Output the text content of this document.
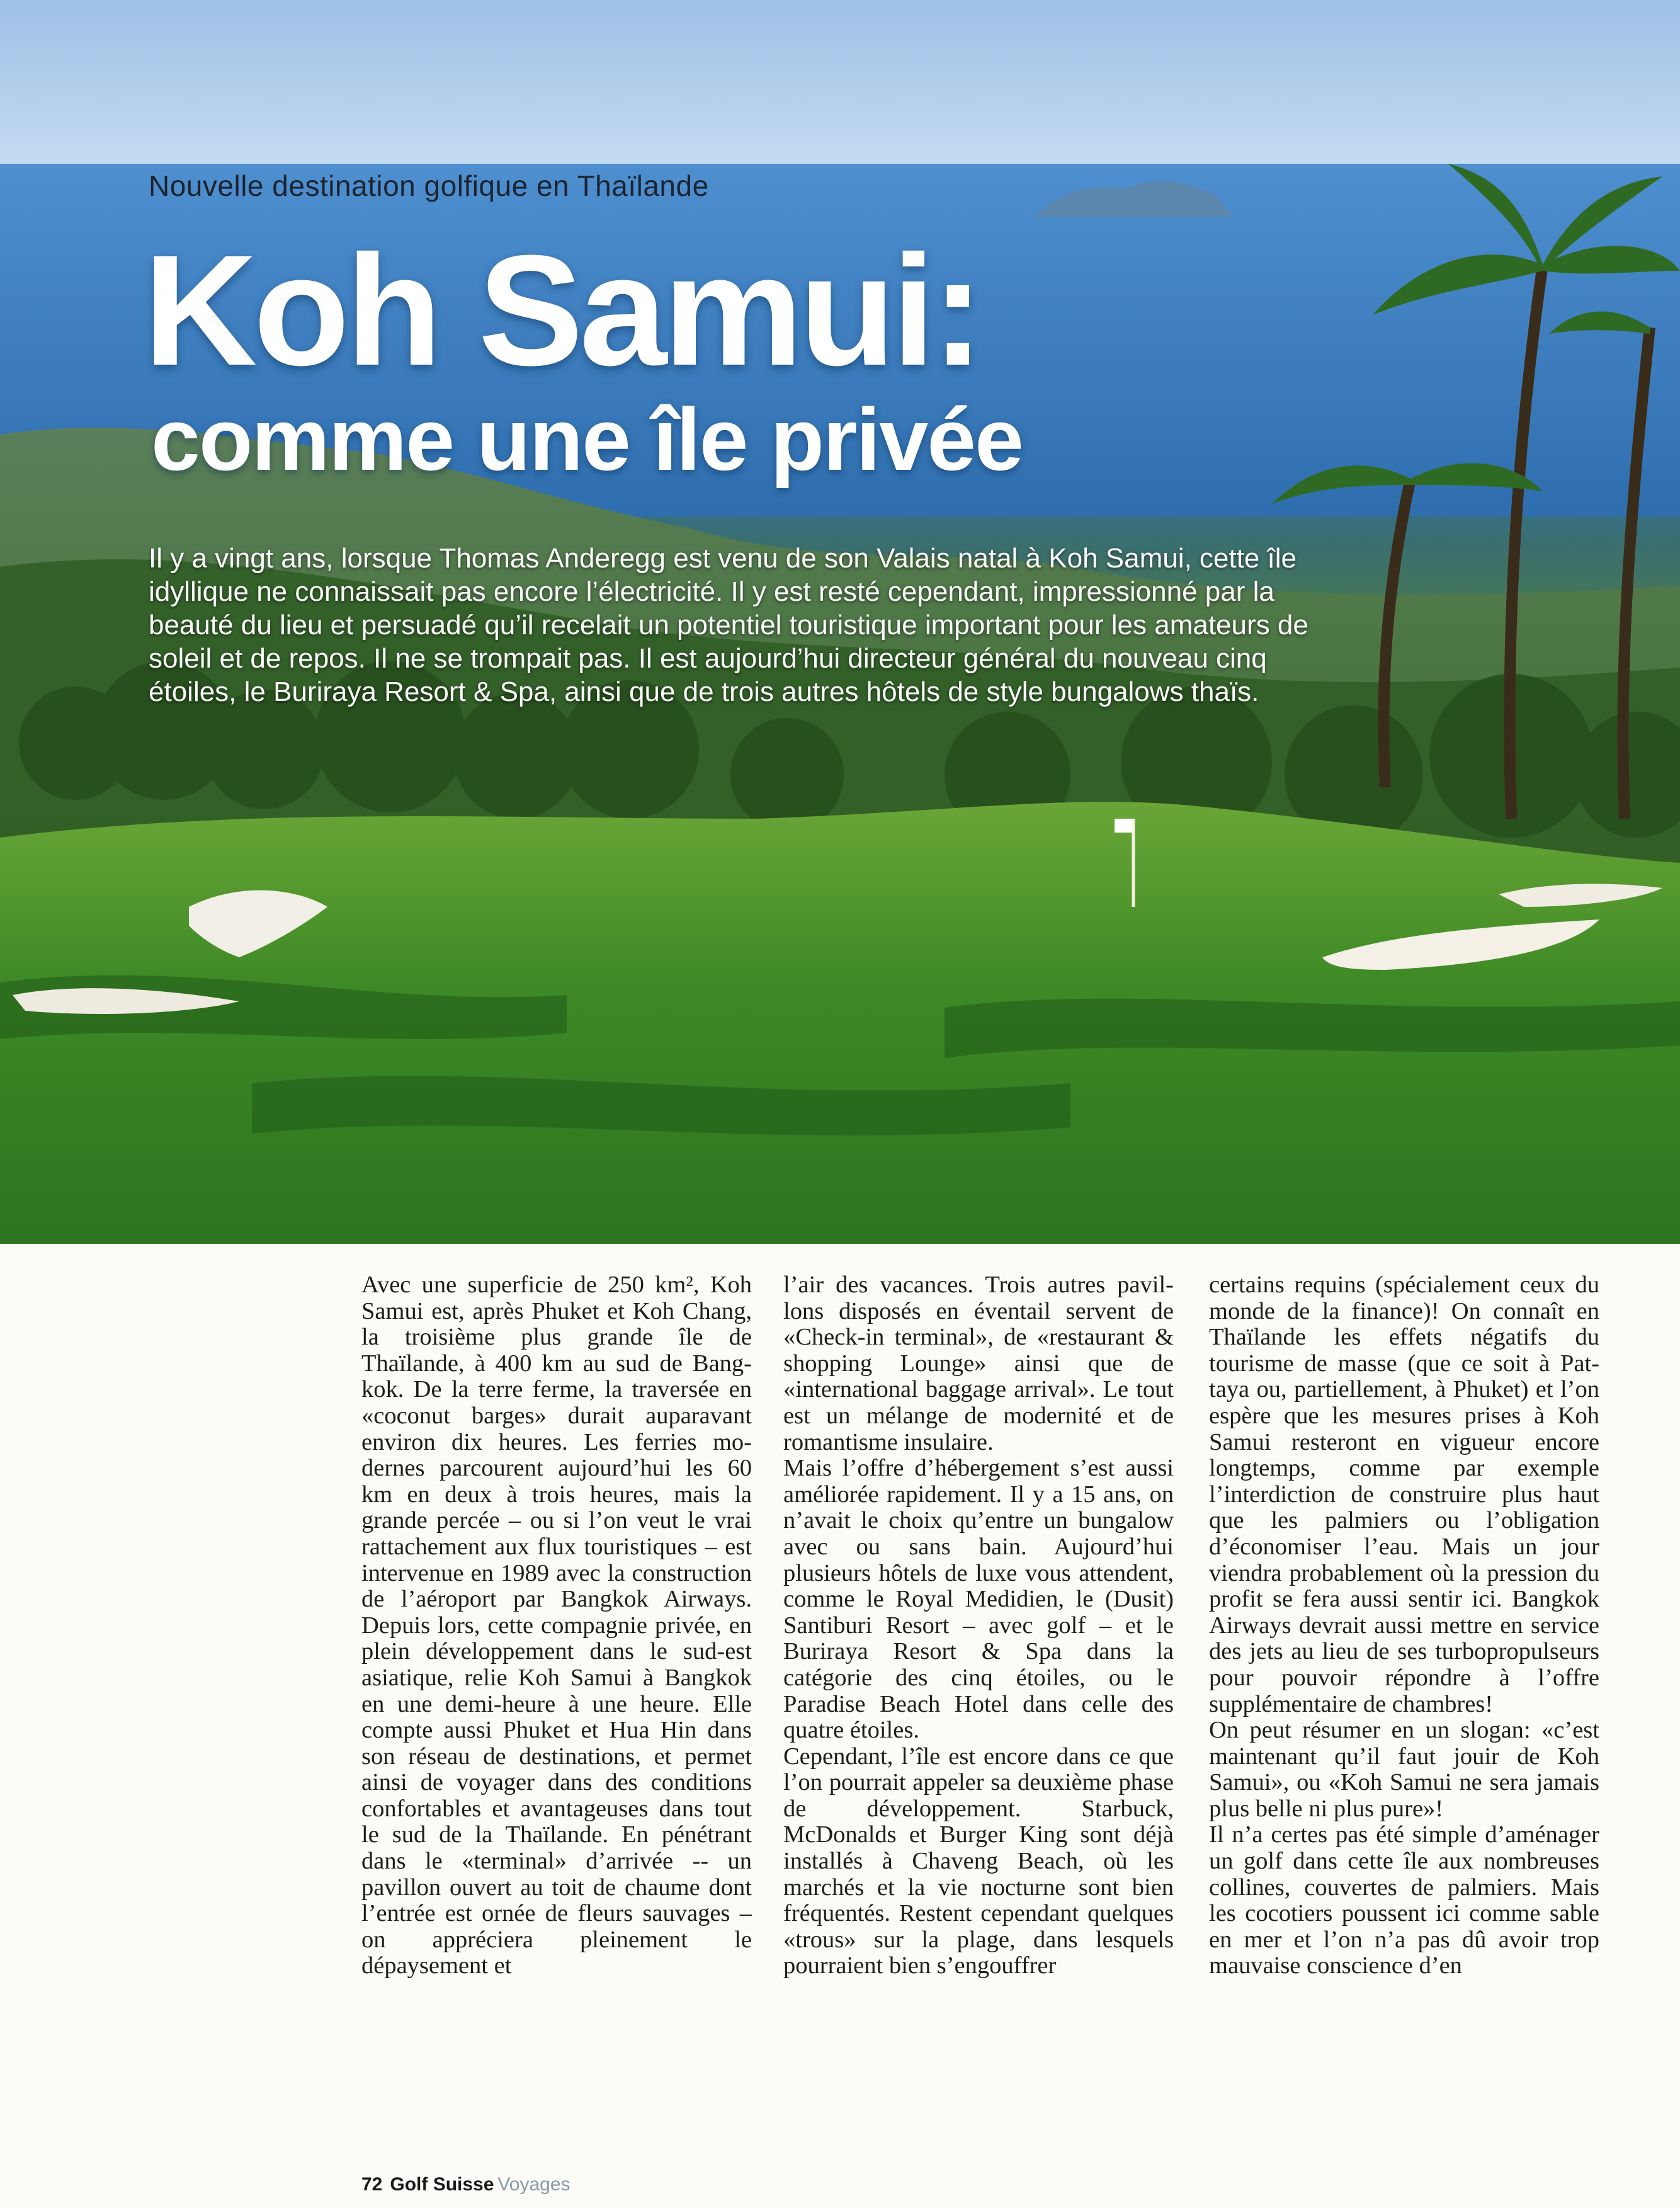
Nouvelle destination golfique en Thaïlande
Koh Samui:
comme une île privée
Il y a vingt ans, lorsque Thomas Anderegg est venu de son Valais natal à Koh Samui, cette île idyllique ne connaissait pas encore l’électricité. Il y est resté cependant, impressionné par la beauté du lieu et persuadé qu’il recelait un potentiel touristique important pour les amateurs de soleil et de repos. Il ne se trompait pas. Il est aujourd’hui directeur général du nouveau cinq étoiles, le Buriraya Resort & Spa, ainsi que de trois autres hôtels de style bungalows thaïs.

Avec une superficie de 250 km², Koh Samui est, après Phuket et Koh Chang, la troisième plus grande île de Thaïlande, à 400 km au sud de Bangkok. De la terre ferme, la traversée en «coconut barges» durait auparavant environ dix heures. Les ferries modernes parcourent aujourd’hui les 60 km en deux à trois heures, mais la grande percée – ou si l’on veut le vrai rattachement aux flux touristiques – est intervenue en 1989 avec la construction de l’aéroport par Bangkok Airways. Depuis lors, cette compagnie privée, en plein développement dans le sud-est asiatique, relie Koh Samui à Bangkok en une demi-heure à une heure. Elle compte aussi Phuket et Hua Hin dans son réseau de destinations, et permet ainsi de voyager dans des conditions confortables et avantageuses dans tout le sud de la Thaïlande. En pénétrant dans le «terminal» d’arrivée -- un pavillon ouvert au toit de chaume dont l’entrée est ornée de fleurs sauvages – on appréciera pleinement le dépaysement et

l’air des vacances. Trois autres pavillons disposés en éventail servent de «Check-in terminal», de «restaurant & shopping Lounge» ainsi que de «international baggage arrival». Le tout est un mélange de modernité et de romantisme insulaire.

Mais l’offre d’hébergement s’est aussi améliorée rapidement. Il y a 15 ans, on n’avait le choix qu’entre un bungalow avec ou sans bain. Aujourd’hui plusieurs hôtels de luxe vous attendent, comme le Royal Medidien, le (Dusit) Santiburi Resort – avec golf – et le Buriraya Resort & Spa dans la catégorie des cinq étoiles, ou le Paradise Beach Hotel dans celle des quatre étoiles.

Cependant, l’île est encore dans ce que l’on pourrait appeler sa deuxième phase de développement. Starbuck, McDonalds et Burger King sont déjà installés à Chaveng Beach, où les marchés et la vie nocturne sont bien fréquentés. Restent cependant quelques «trous» sur la plage, dans lesquels pourraient bien s’engouffrer

certains requins (spécialement ceux du monde de la finance)! On connaît en Thaïlande les effets négatifs du tourisme de masse (que ce soit à Pattaya ou, partiellement, à Phuket) et l’on espère que les mesures prises à Koh Samui resteront en vigueur encore longtemps, comme par exemple l’interdiction de construire plus haut que les palmiers ou l’obligation d’économiser l’eau. Mais un jour viendra probablement où la pression du profit se fera aussi sentir ici. Bangkok Airways devrait aussi mettre en service des jets au lieu de ses turbopropulseurs pour pouvoir répondre à l’offre supplémentaire de chambres!

On peut résumer en un slogan: «c’est maintenant qu’il faut jouir de Koh Samui», ou «Koh Samui ne sera jamais plus belle ni plus pure»!

Il n’a certes pas été simple d’aménager un golf dans cette île aux nombreuses collines, couvertes de palmiers. Mais les cocotiers poussent ici comme sable en mer et l’on n’a pas dû avoir trop mauvaise conscience d’en

72 Golf Suisse Voyages
